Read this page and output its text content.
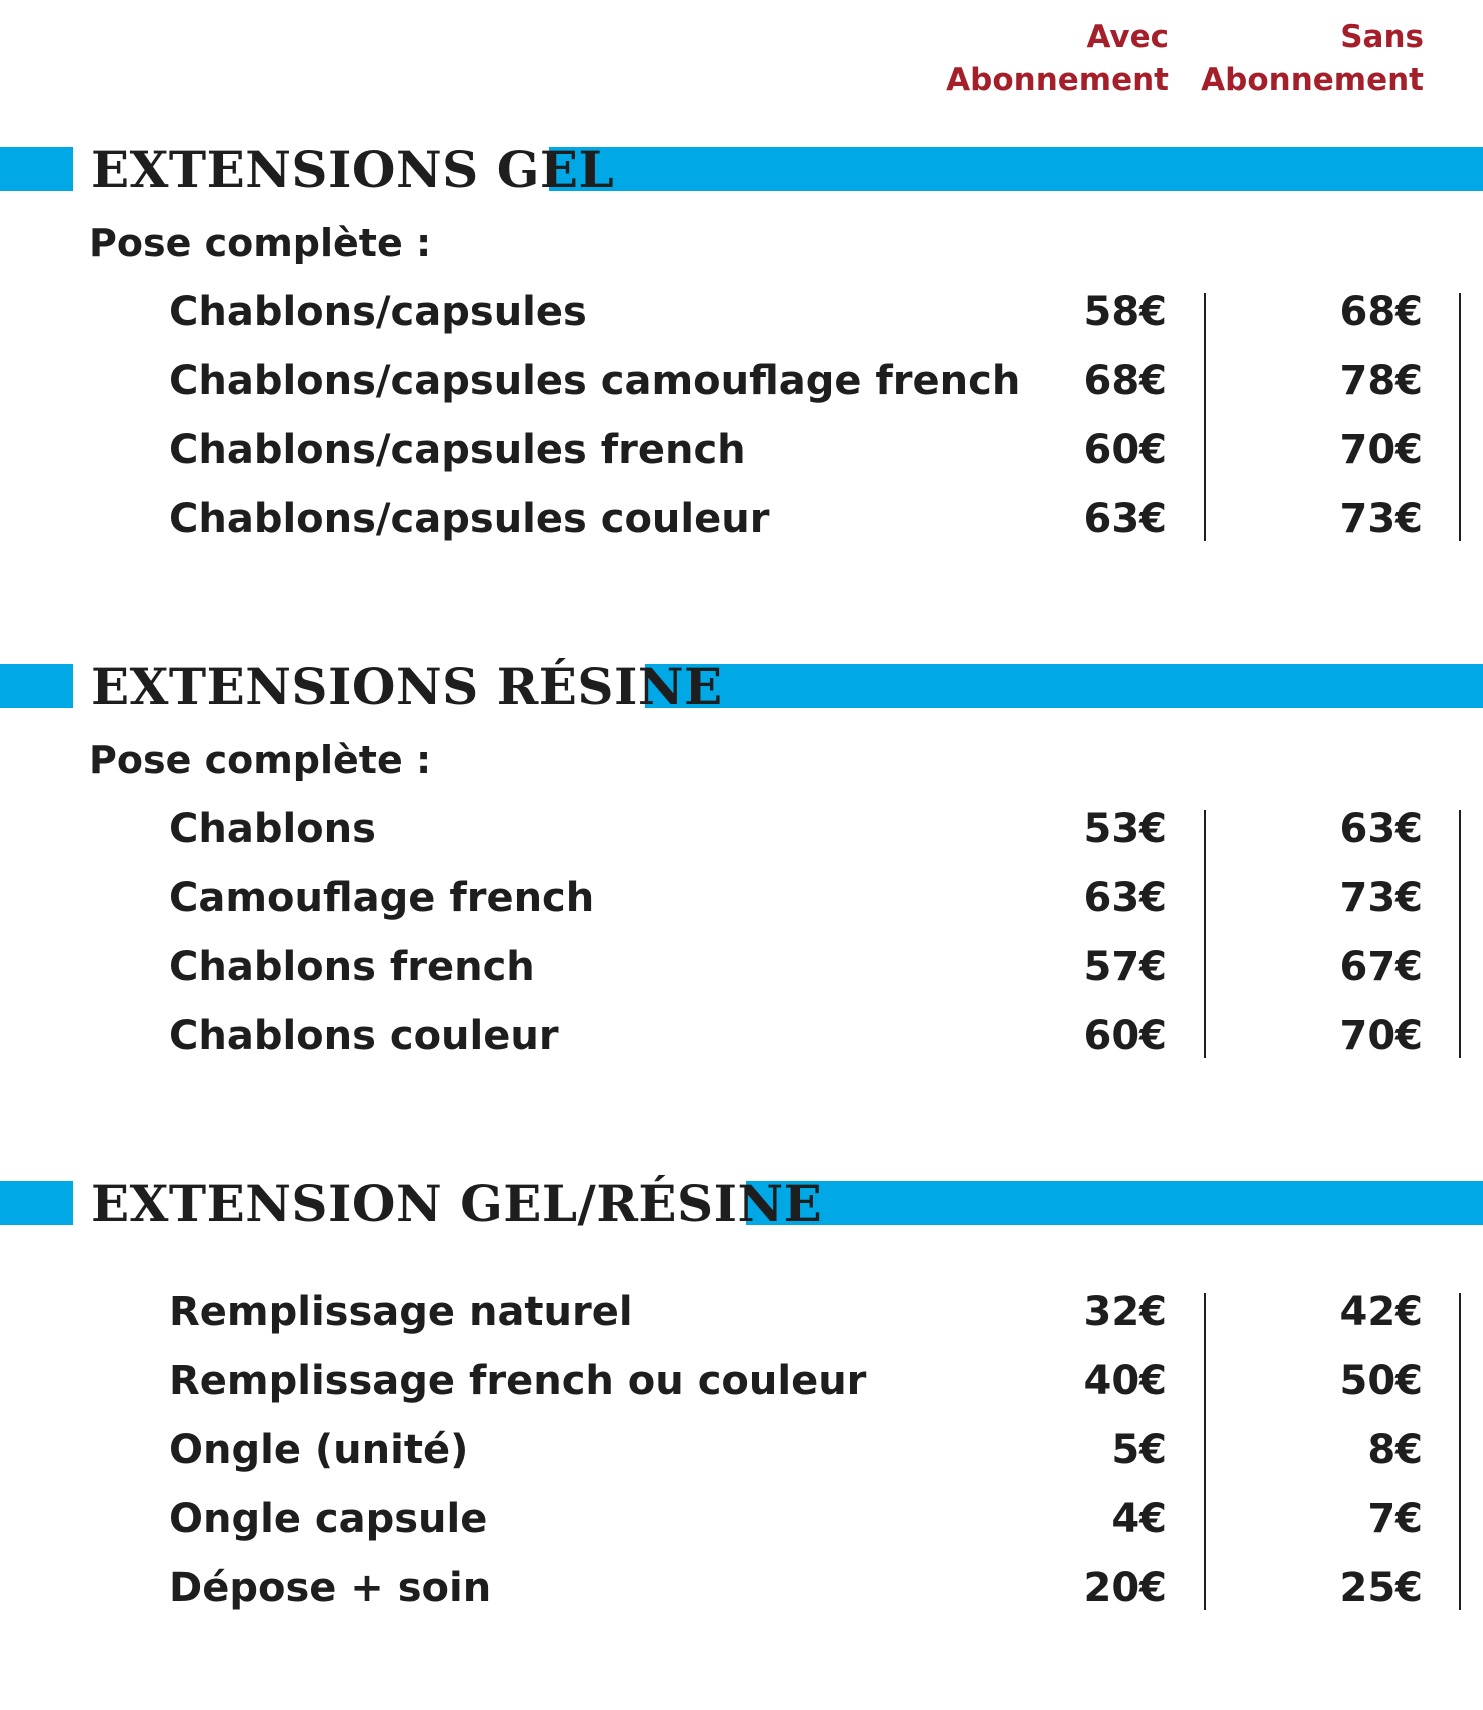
Avec
Abonnement
Sans
Abonnement
EXTENSIONS GEL
Pose complète :
Chablons/capsules	58€	68€
Chablons/capsules camouflage french 68€	78€
Chablons/capsules french	60€	70€
Chablons/capsules couleur	63€	73€
EXTENSIONS RÉSINE
Pose complète :
Chablons	53€	63€
Camouflage french	63€	73€
Chablons french	57€	67€
Chablons couleur	60€	70€
EXTENSION GEL/RÉSINE
Remplissage naturel	32€	42€
Remplissage french ou couleur	40€	50€
Ongle (unité)	5€	8€
Ongle capsule	4€	7€
Dépose + soin	20€	25€
